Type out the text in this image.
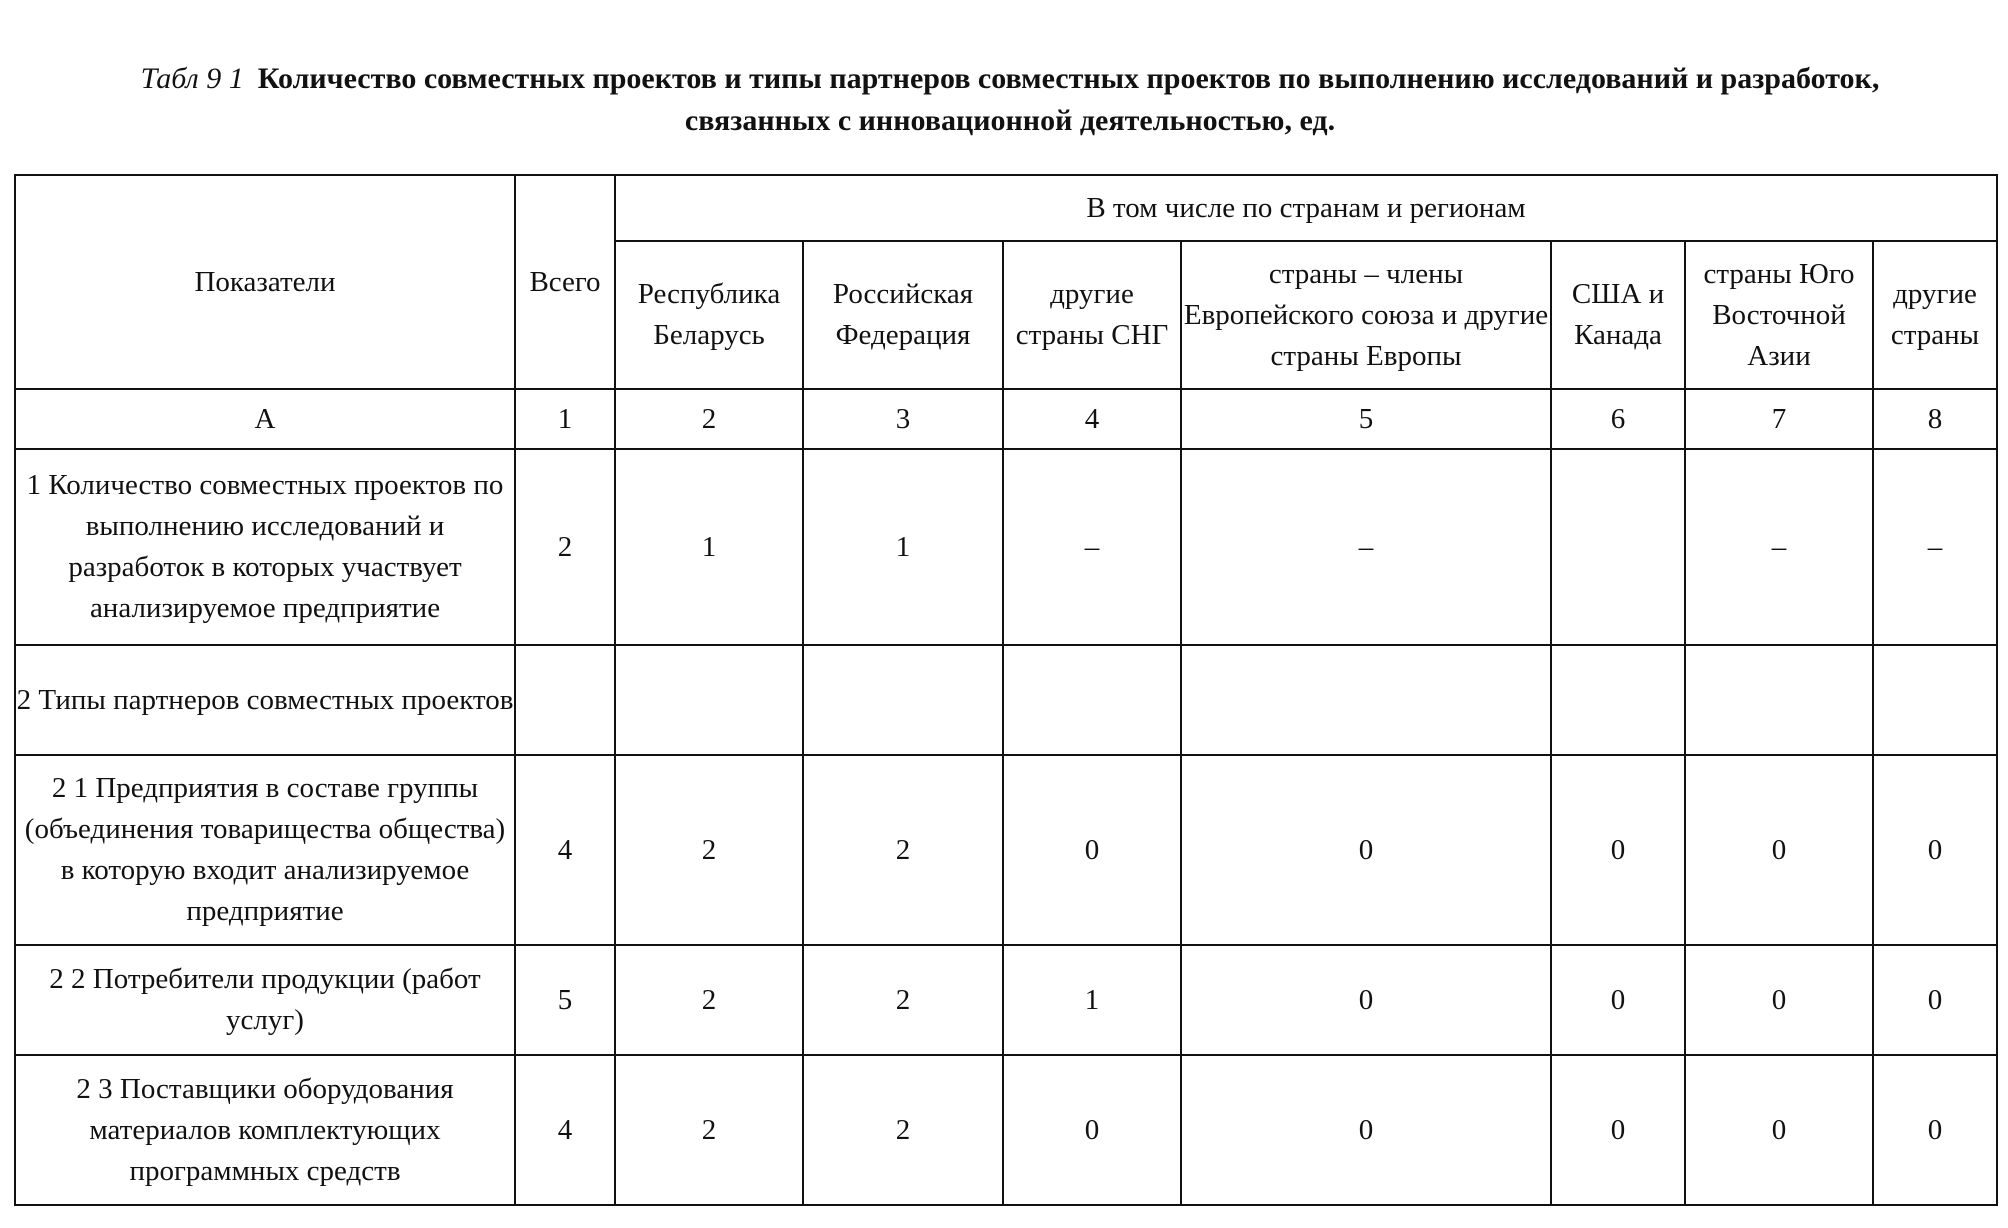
Табл 9 1 Количество совместных проектов и типы партнеров совместных проектов по выполнению исследований и разработок,
связанных с инновационной деятельностью, ед.
Показатели	Всего	В том числе по странам и регионам						
		Республика Беларусь	Российская Федерация	другие страны СНГ	страны – члены Европейского союза и другие страны Европы	США и Канада	страны Юго Восточной Азии	другие страны
А	1	2	3	4	5	6	7	8
1 Количество совместных проектов по выполнению исследований и разработок в которых участвует анализируемое предприятие	2	1	1	–	–		–	–
2 Типы партнеров совместных проектов								
2 1 Предприятия в составе группы (объединения товарищества общества) в которую входит анализируемое предприятие	4	2	2	0	0	0	0	0
2 2 Потребители продукции (работ услуг)	5	2	2	1	0	0	0	0
2 3 Поставщики оборудования материалов комплектующих программных средств	4	2	2	0	0	0	0	0
